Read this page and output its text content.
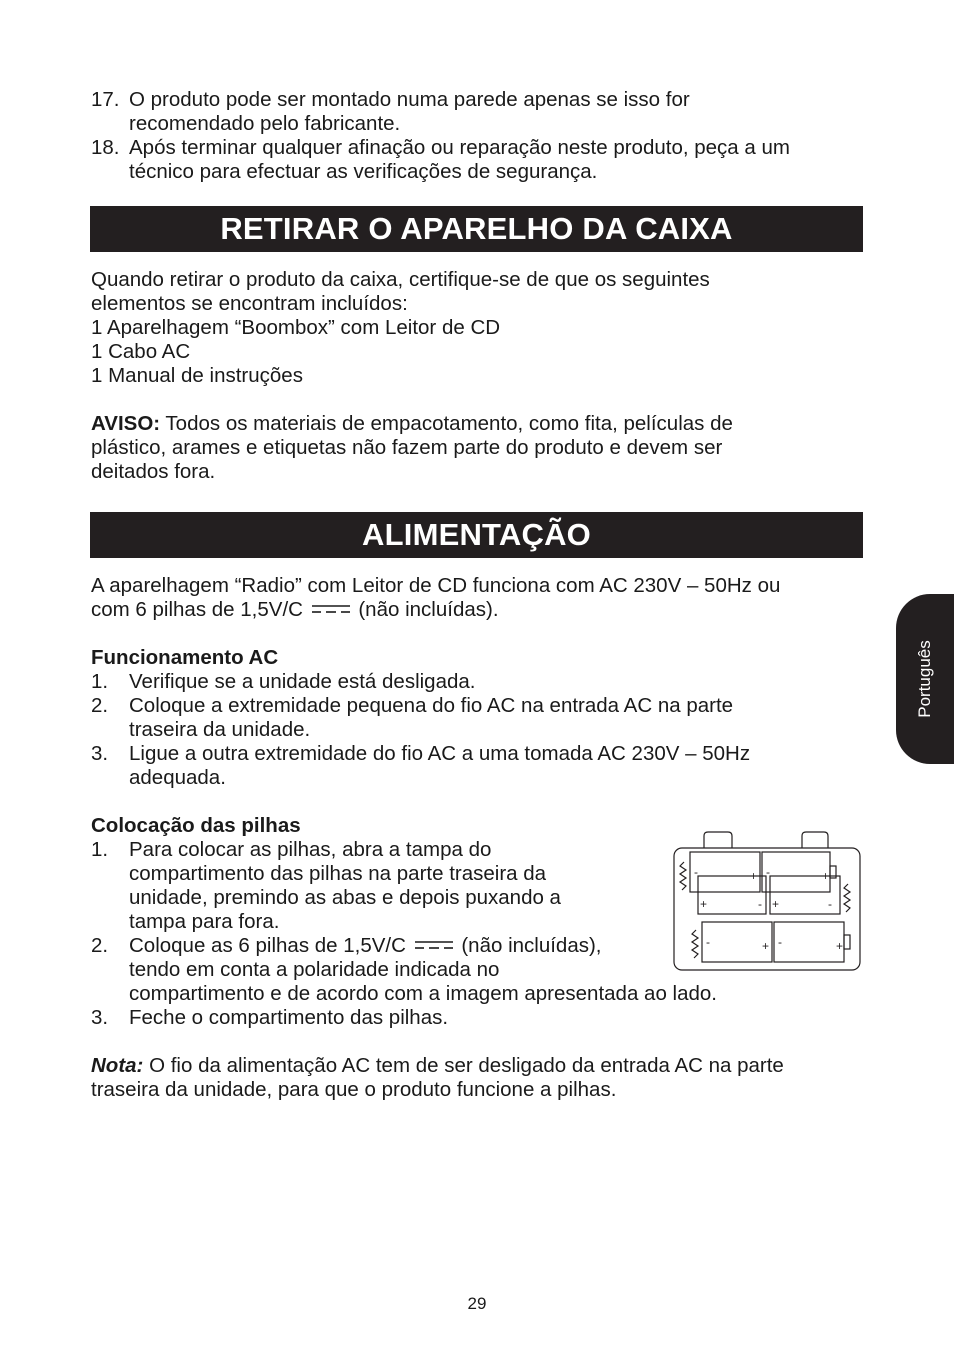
17. O produto pode ser montado numa parede apenas se isso for
recomendado pelo fabricante.
18. Após terminar qualquer afinação ou reparação neste produto, peça a um
técnico para efectuar as verificações de segurança.
RETIRAR O APARELHO DA CAIXA
Quando retirar o produto da caixa, certifique-se de que os seguintes
elementos se encontram incluídos:
1 Aparelhagem “Boombox” com Leitor de CD
1 Cabo AC
1 Manual de instruções
AVISO: Todos os materiais de empacotamento, como fita, películas de
plástico, arames e etiquetas não fazem parte do produto e devem ser
deitados fora.
ALIMENTAÇÃO
A aparelhagem “Radio” com Leitor de CD funciona com AC 230V – 50Hz ou
com 6 pilhas de 1,5V/C	(não incluídas).
Funcionamento AC
1. Verifique se a unidade está desligada.
2. Coloque a extremidade pequena do fio AC na entrada AC na parte
traseira da unidade.
3. Ligue a outra extremidade do fio AC a uma tomada AC 230V – 50Hz
adequada.
Colocação das pilhas
1. Para colocar as pilhas, abra a tampa do
compartimento das pilhas na parte traseira da
unidade, premindo as abas e depois puxando a
tampa para fora.
2. Coloque as 6 pilhas de 1,5V/C	(não incluídas),
tendo em conta a polaridade indicada no
compartimento e de acordo com a imagem apresentada ao lado.
3. Feche o compartimento das pilhas.
-	+ -	+
+	- +	-
-	+ -	+
Nota: O fio da alimentação AC tem de ser desligado da entrada AC na parte
traseira da unidade, para que o produto funcione a pilhas.
Português
29
